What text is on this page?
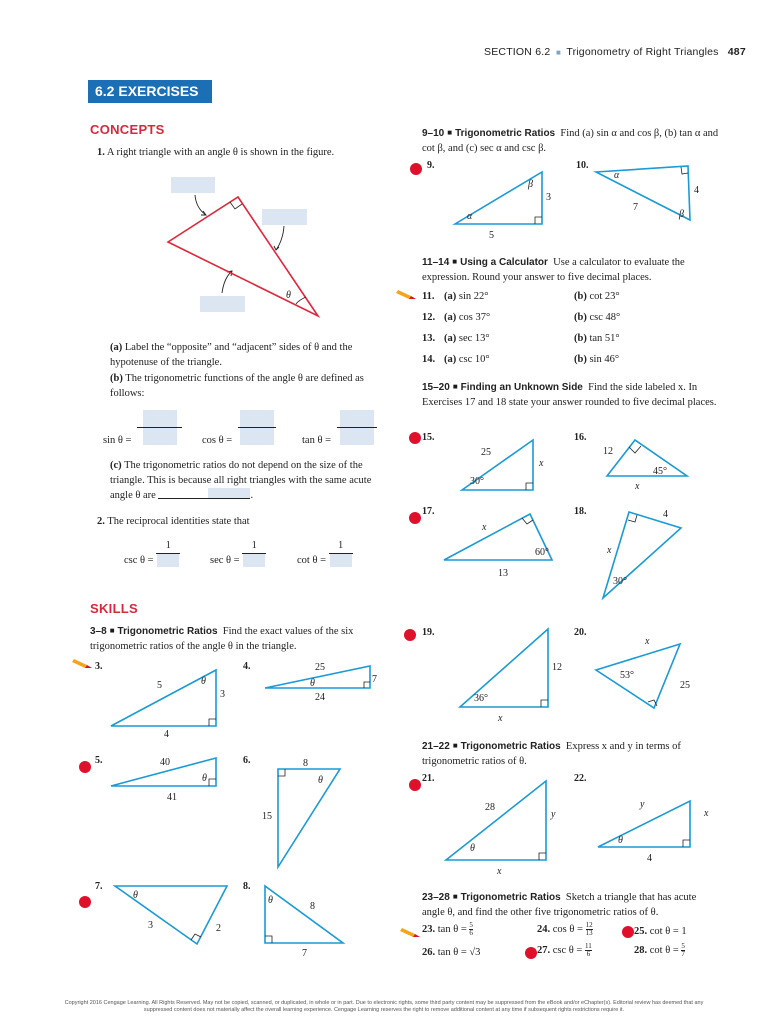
SECTION 6.2  ■  Trigonometry of Right Triangles 487
6.2 EXERCISES
CONCEPTS
1. A right triangle with an angle θ is shown in the figure.
θ
(a) Label the “opposite” and “adjacent” sides of θ and the hypotenuse of the triangle.
(b) The trigonometric functions of the angle θ are defined as follows:
sin θ =	cos θ =	tan θ =
(c) The trigonometric ratios do not depend on the size of the triangle. This is because all right triangles with the same acute angle θ are	.
2. The reciprocal identities state that
csc θ =
1
sec θ =
1
cot θ =
1
SKILLS
3–8 ■ Trigonometric Ratios Find the exact values of the six trigonometric ratios of the angle θ in the triangle.
3.
5	θ
3
4
4.	25
θ	7
24
5.	40
θ
41
6.	8
θ
15
7.
θ
3	2
8.
θ
8
7
9–10 ■ Trigonometric Ratios Find (a) sin α and cos β, (b) tan α and cot β, and (c) sec α and csc β.
9.
β
3
α
5
10.
α
4
7
β
11–14 ■ Using a Calculator Use a calculator to evaluate the expression. Round your answer to five decimal places.
11.	(a) sin 22°	(b) cot 23°
12.	(a) cos 37°	(b) csc 48°
13.	(a) sec 13°	(b) tan 51°
14.	(a) csc 10°	(b) sin 46°
15–20 ■ Finding an Unknown Side Find the side labeled x. In Exercises 17 and 18 state your answer rounded to five decimal places.
15.
25
x
30°
16.
12
45°
x
17.
x
60°
13
18.	4
x
30°
19.
12
36°
x
20.
x
53°
25
21–22 ■ Trigonometric Ratios Express x and y in terms of trigonometric ratios of θ.
21.
28
y
θ
x
22.
y
x
θ
4
23–28 ■ Trigonometric Ratios Sketch a triangle that has acute angle θ, and find the other five trigonometric ratios of θ.
23. $\tan \theta = \frac{5}{6}$	24. $\cos \theta = \frac{12}{13}$	25. cot θ = 1
26. tan θ = √3	27. $\csc \theta = \frac{11}{6}$	28. $\cot \theta = \frac{5}{7}$
Copyright 2016 Cengage Learning. All Rights Reserved. May not be copied, scanned, or duplicated, in whole or in part. Due to electronic rights, some third party content may be suppressed from the eBook and/or eChapter(s). Editorial review has deemed that any suppressed content does not materially affect the overall learning experience. Cengage Learning reserves the right to remove additional content at any time if subsequent rights restrictions require it.
